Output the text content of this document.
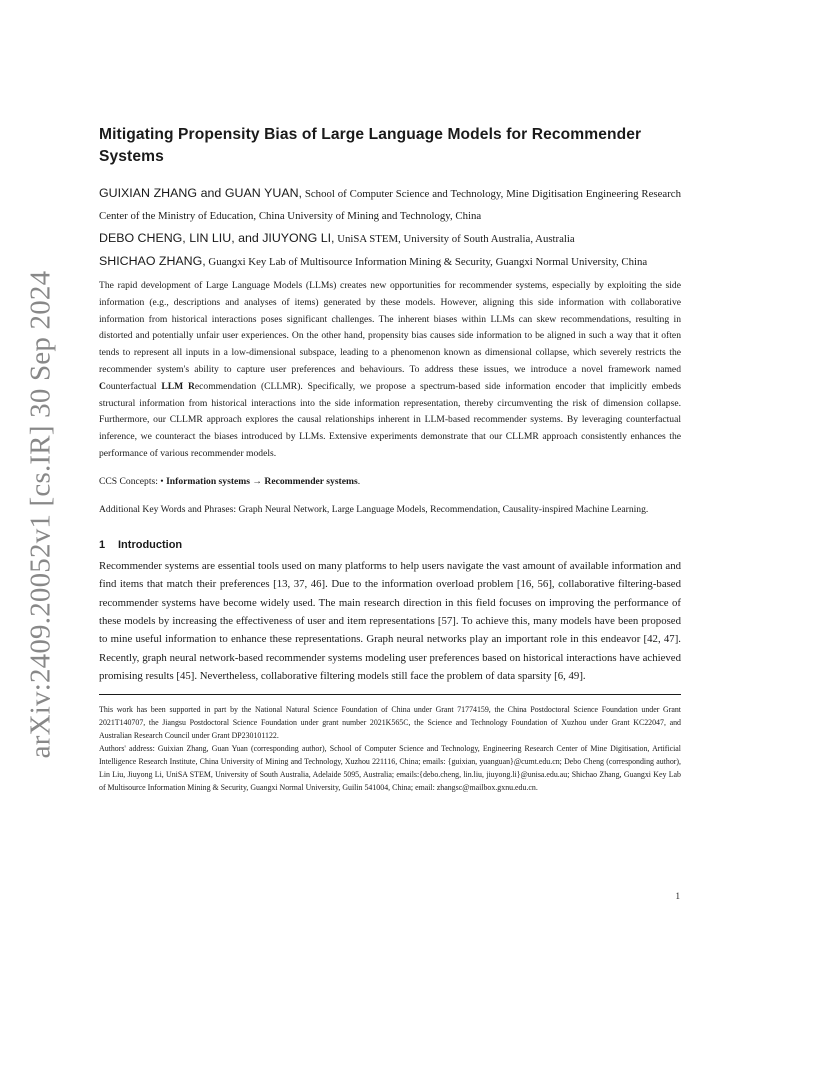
arXiv:2409.20052v1 [cs.IR] 30 Sep 2024
Mitigating Propensity Bias of Large Language Models for Recommender Systems

GUIXIAN ZHANG and GUAN YUAN, School of Computer Science and Technology, Mine Digitisation Engineering Research Center of the Ministry of Education, China University of Mining and Technology, China

DEBO CHENG, LIN LIU, and JIUYONG LI, UniSA STEM, University of South Australia, Australia

SHICHAO ZHANG, Guangxi Key Lab of Multisource Information Mining & Security, Guangxi Normal University, China

The rapid development of Large Language Models (LLMs) creates new opportunities for recommender systems, especially by exploiting the side information (e.g., descriptions and analyses of items) generated by these models. However, aligning this side information with collaborative information from historical interactions poses significant challenges. The inherent biases within LLMs can skew recommendations, resulting in distorted and potentially unfair user experiences. On the other hand, propensity bias causes side information to be aligned in such a way that it often tends to represent all inputs in a low-dimensional subspace, leading to a phenomenon known as dimensional collapse, which severely restricts the recommender system's ability to capture user preferences and behaviours. To address these issues, we introduce a novel framework named Counterfactual LLM Recommendation (CLLMR). Specifically, we propose a spectrum-based side information encoder that implicitly embeds structural information from historical interactions into the side information representation, thereby circumventing the risk of dimension collapse. Furthermore, our CLLMR approach explores the causal relationships inherent in LLM-based recommender systems. By leveraging counterfactual inference, we counteract the biases introduced by LLMs. Extensive experiments demonstrate that our CLLMR approach consistently enhances the performance of various recommender models.
CCS Concepts: • Information systems → Recommender systems.
Additional Key Words and Phrases: Graph Neural Network, Large Language Models, Recommendation, Causality-inspired Machine Learning.
1 Introduction
Recommender systems are essential tools used on many platforms to help users navigate the vast amount of available information and find items that match their preferences [13, 37, 46]. Due to the information overload problem [16, 56], collaborative filtering-based recommender systems have become widely used. The main research direction in this field focuses on improving the performance of these models by increasing the effectiveness of user and item representations [57]. To achieve this, many models have been proposed to mine useful information to enhance these representations. Graph neural networks play an important role in this endeavor [42, 47]. Recently, graph neural network-based recommender systems modeling user preferences based on historical interactions have achieved promising results [45]. Nevertheless, collaborative filtering models still face the problem of data sparsity [6, 49].

This work has been supported in part by the National Natural Science Foundation of China under Grant 71774159, the China Postdoctoral Science Foundation under Grant 2021T140707, the Jiangsu Postdoctoral Science Foundation under grant number 2021K565C, the Science and Technology Foundation of Xuzhou under Grant KC22047, and Australian Research Council under Grant DP230101122.

Authors' address: Guixian Zhang, Guan Yuan (corresponding author), School of Computer Science and Technology, Engineering Research Center of Mine Digitisation, Artificial Intelligence Research Institute, China University of Mining and Technology, Xuzhou 221116, China; emails: {guixian, yuanguan}@cumt.edu.cn; Debo Cheng (corresponding author), Lin Liu, Jiuyong Li, UniSA STEM, University of South Australia, Adelaide 5095, Australia; emails:{debo.cheng, lin.liu, jiuyong.li}@unisa.edu.au; Shichao Zhang, Guangxi Key Lab of Multisource Information Mining & Security, Guangxi Normal University, Guilin 541004, China; email: zhangsc@mailbox.gxnu.edu.cn.

1
